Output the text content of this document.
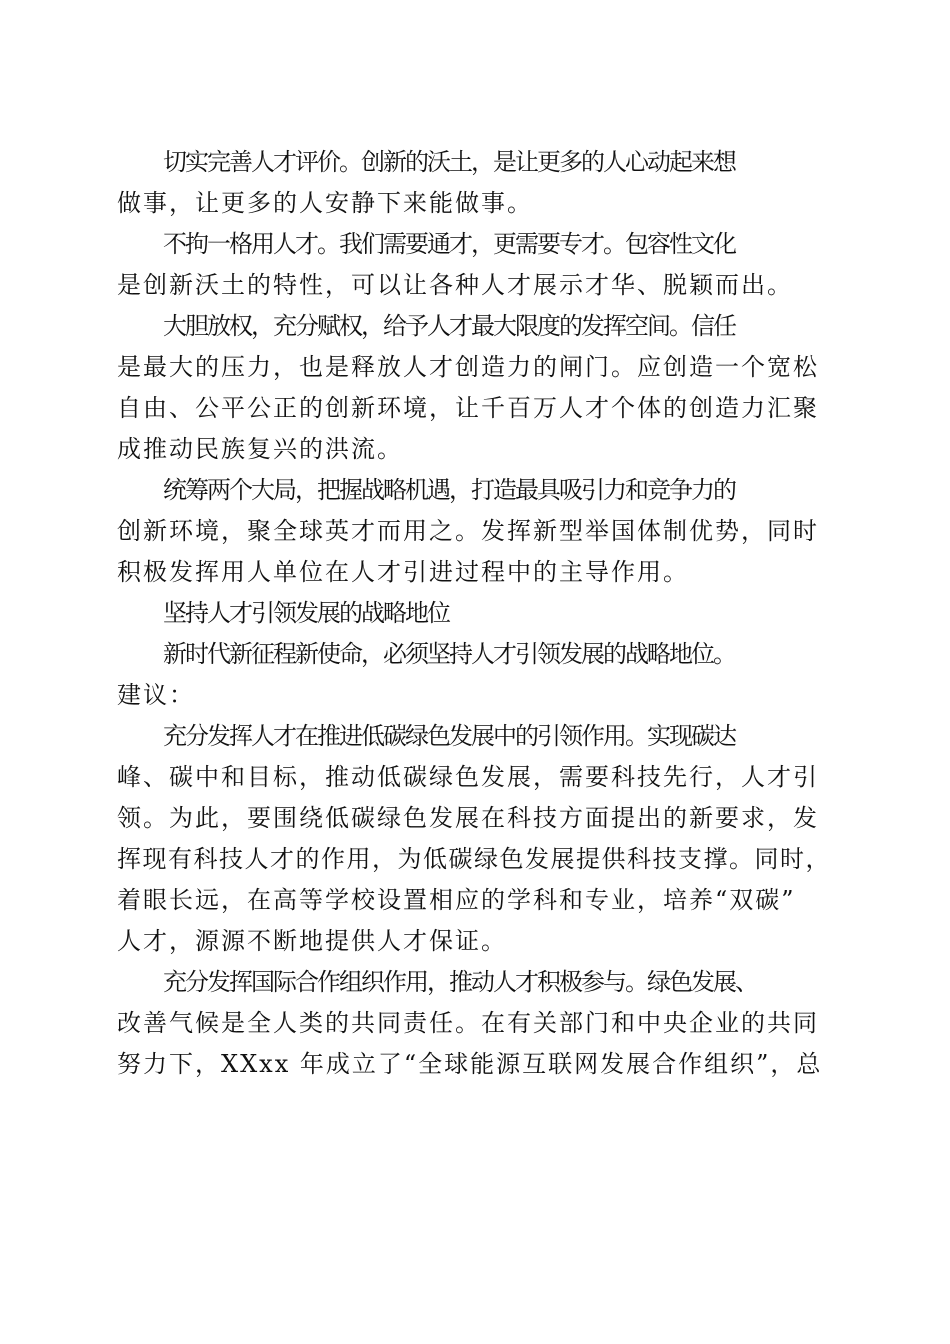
切实完善人才评价。创新的沃土，是让更多的人心动起来想
做事，让更多的人安静下来能做事。

不拘一格用人才。我们需要通才，更需要专才。包容性文化
是创新沃土的特性，可以让各种人才展示才华、脱颖而出。

大胆放权，充分赋权，给予人才最大限度的发挥空间。信任
是最大的压力，也是释放人才创造力的闸门。应创造一个宽松
自由、公平公正的创新环境，让千百万人才个体的创造力汇聚
成推动民族复兴的洪流。

统筹两个大局，把握战略机遇，打造最具吸引力和竞争力的
创新环境，聚全球英才而用之。发挥新型举国体制优势，同时
积极发挥用人单位在人才引进过程中的主导作用。

坚持人才引领发展的战略地位

新时代新征程新使命，必须坚持人才引领发展的战略地位。
建议：

充分发挥人才在推进低碳绿色发展中的引领作用。实现碳达
峰、碳中和目标，推动低碳绿色发展，需要科技先行，人才引
领。为此，要围绕低碳绿色发展在科技方面提出的新要求，发
挥现有科技人才的作用，为低碳绿色发展提供科技支撑。同时，
着眼长远，在高等学校设置相应的学科和专业，培养“双碳”
人才，源源不断地提供人才保证。

充分发挥国际合作组织作用，推动人才积极参与。绿色发展、
改善气候是全人类的共同责任。在有关部门和中央企业的共同
努力下，XXxx 年成立了“全球能源互联网发展合作组织”，总
